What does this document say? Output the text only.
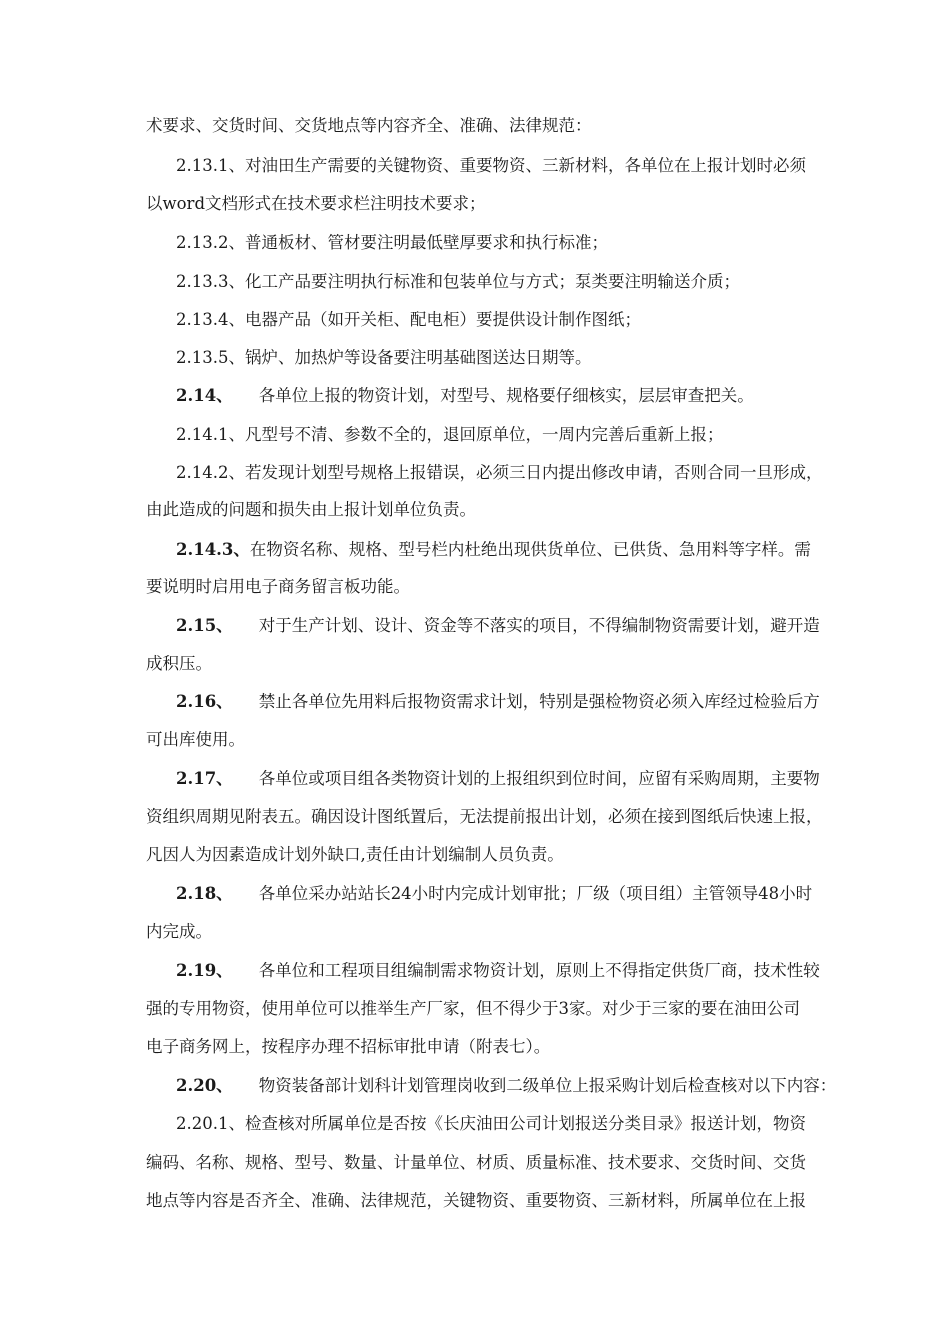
术要求、交货时间、交货地点等内容齐全、准确、法律规范：
2.13.1、对油田生产需要的关键物资、重要物资、三新材料，各单位在上报计划时必须
以word文档形式在技术要求栏注明技术要求；
2.13.2、普通板材、管材要注明最低壁厚要求和执行标准；
2.13.3、化工产品要注明执行标准和包装单位与方式；泵类要注明输送介质；
2.13.4、电器产品（如开关柜、配电柜）要提供设计制作图纸；
2.13.5、锅炉、加热炉等设备要注明基础图送达日期等。
2.14、 各单位上报的物资计划，对型号、规格要仔细核实，层层审查把关。
2.14.1、凡型号不清、参数不全的，退回原单位，一周内完善后重新上报；
2.14.2、若发现计划型号规格上报错误，必须三日内提出修改申请，否则合同一旦形成，
由此造成的问题和损失由上报计划单位负责。
2.14.3、在物资名称、规格、型号栏内杜绝出现供货单位、已供货、急用料等字样。需
要说明时启用电子商务留言板功能。
2.15、 对于生产计划、设计、资金等不落实的项目，不得编制物资需要计划，避开造
成积压。
2.16、 禁止各单位先用料后报物资需求计划，特别是强检物资必须入库经过检验后方
可出库使用。
2.17、 各单位或项目组各类物资计划的上报组织到位时间，应留有采购周期，主要物
资组织周期见附表五。确因设计图纸置后，无法提前报出计划，必须在接到图纸后快速上报，
凡因人为因素造成计划外缺口,责任由计划编制人员负责。
2.18、 各单位采办站站长24小时内完成计划审批；厂级（项目组）主管领导48小时
内完成。
2.19、 各单位和工程项目组编制需求物资计划，原则上不得指定供货厂商，技术性较
强的专用物资，使用单位可以推举生产厂家，但不得少于3家。对少于三家的要在油田公司
电子商务网上，按程序办理不招标审批申请（附表七）。
2.20、 物资装备部计划科计划管理岗收到二级单位上报采购计划后检查核对以下内容：
2.20.1、检查核对所属单位是否按《长庆油田公司计划报送分类目录》报送计划，物资
编码、名称、规格、型号、数量、计量单位、材质、质量标准、技术要求、交货时间、交货
地点等内容是否齐全、准确、法律规范，关键物资、重要物资、三新材料，所属单位在上报
